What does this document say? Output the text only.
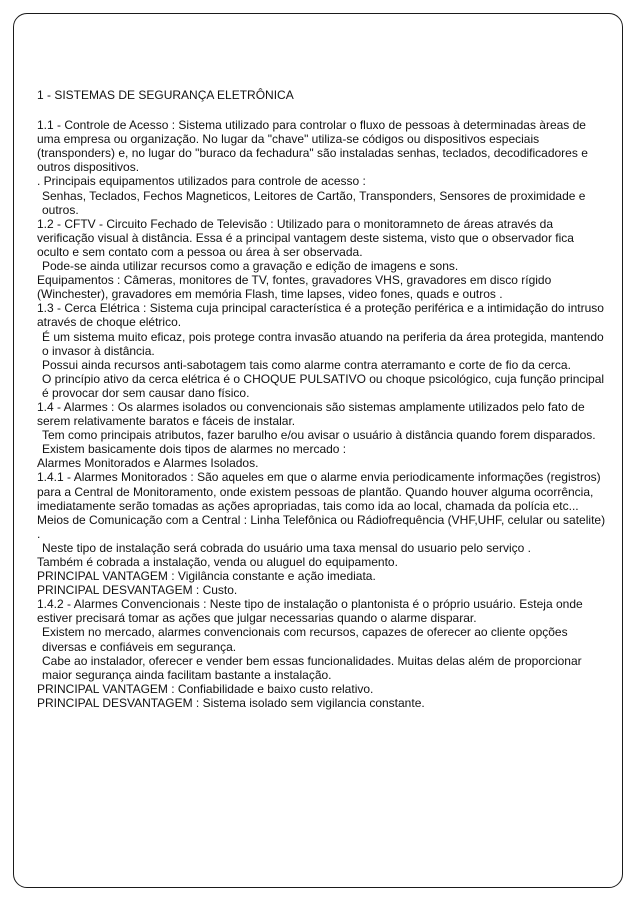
1 - SISTEMAS DE SEGURANÇA ELETRÔNICA

1.1 - Controle de Acesso : Sistema utilizado para controlar o fluxo de pessoas à determinadas àreas de uma empresa ou organização. No lugar da "chave" utiliza-se códigos ou dispositivos especiais (transponders) e, no lugar do "buraco da fechadura" são instaladas senhas, teclados, decodificadores e outros dispositivos.

. Principais equipamentos utilizados para controle de acesso :

Senhas, Teclados, Fechos Magneticos, Leitores de Cartão, Transponders, Sensores de proximidade e outros.

1.2 - CFTV - Circuito Fechado de Televisão : Utilizado para o monitoramneto de áreas através da verificação visual à distância. Essa é a principal vantagem deste sistema, visto que o observador fica oculto e sem contato com a pessoa ou área à ser observada.

Pode-se ainda utilizar recursos como a gravação e edição de imagens e sons.

Equipamentos : Câmeras, monitores de TV, fontes, gravadores VHS, gravadores em disco rígido (Winchester), gravadores em memória Flash, time lapses, video fones, quads e outros .

1.3 - Cerca Elétrica : Sistema cuja principal característica é a proteção periférica e a intimidação do intruso através de choque elétrico.

É um sistema muito eficaz, pois protege contra invasão atuando na periferia da área protegida, mantendo o invasor à distância.

Possui ainda recursos anti-sabotagem tais como alarme contra aterramanto e corte de fio da cerca.

O princípio ativo da cerca elétrica é o CHOQUE PULSATIVO ou choque psicológico, cuja função principal é provocar dor sem causar dano físico.

1.4 - Alarmes : Os alarmes isolados ou convencionais são sistemas amplamente utilizados pelo fato de serem relativamente baratos e fáceis de instalar.

Tem como principais atributos, fazer barulho e/ou avisar o usuário à distância quando forem disparados.

Existem basicamente dois tipos de alarmes no mercado :

Alarmes Monitorados e Alarmes Isolados.

1.4.1 - Alarmes Monitorados : São aqueles em que o alarme envia periodicamente informações (registros) para a Central de Monitoramento, onde existem pessoas de plantão. Quando houver alguma ocorrência, imediatamente serão tomadas as ações apropriadas, tais como ida ao local, chamada da polícia etc...

Meios de Comunicação com a Central : Linha Telefônica ou Rádiofrequência (VHF,UHF, celular ou satelite) .

Neste tipo de instalação será cobrada do usuário uma taxa mensal do usuario pelo serviço .

Também é cobrada a instalação, venda ou aluguel do equipamento.

PRINCIPAL VANTAGEM : Vigilância constante e ação imediata.

PRINCIPAL DESVANTAGEM : Custo.

1.4.2 - Alarmes Convencionais : Neste tipo de instalação o plantonista é o próprio usuário. Esteja onde estiver precisará tomar as ações que julgar necessarias quando o alarme disparar.

Existem no mercado, alarmes convencionais com recursos, capazes de oferecer ao cliente opções diversas e confiáveis em segurança.

Cabe ao instalador, oferecer e vender bem essas funcionalidades. Muitas delas além de proporcionar maior segurança ainda facilitam bastante a instalação.

PRINCIPAL VANTAGEM : Confiabilidade e baixo custo relativo.

PRINCIPAL DESVANTAGEM : Sistema isolado sem vigilancia constante.
